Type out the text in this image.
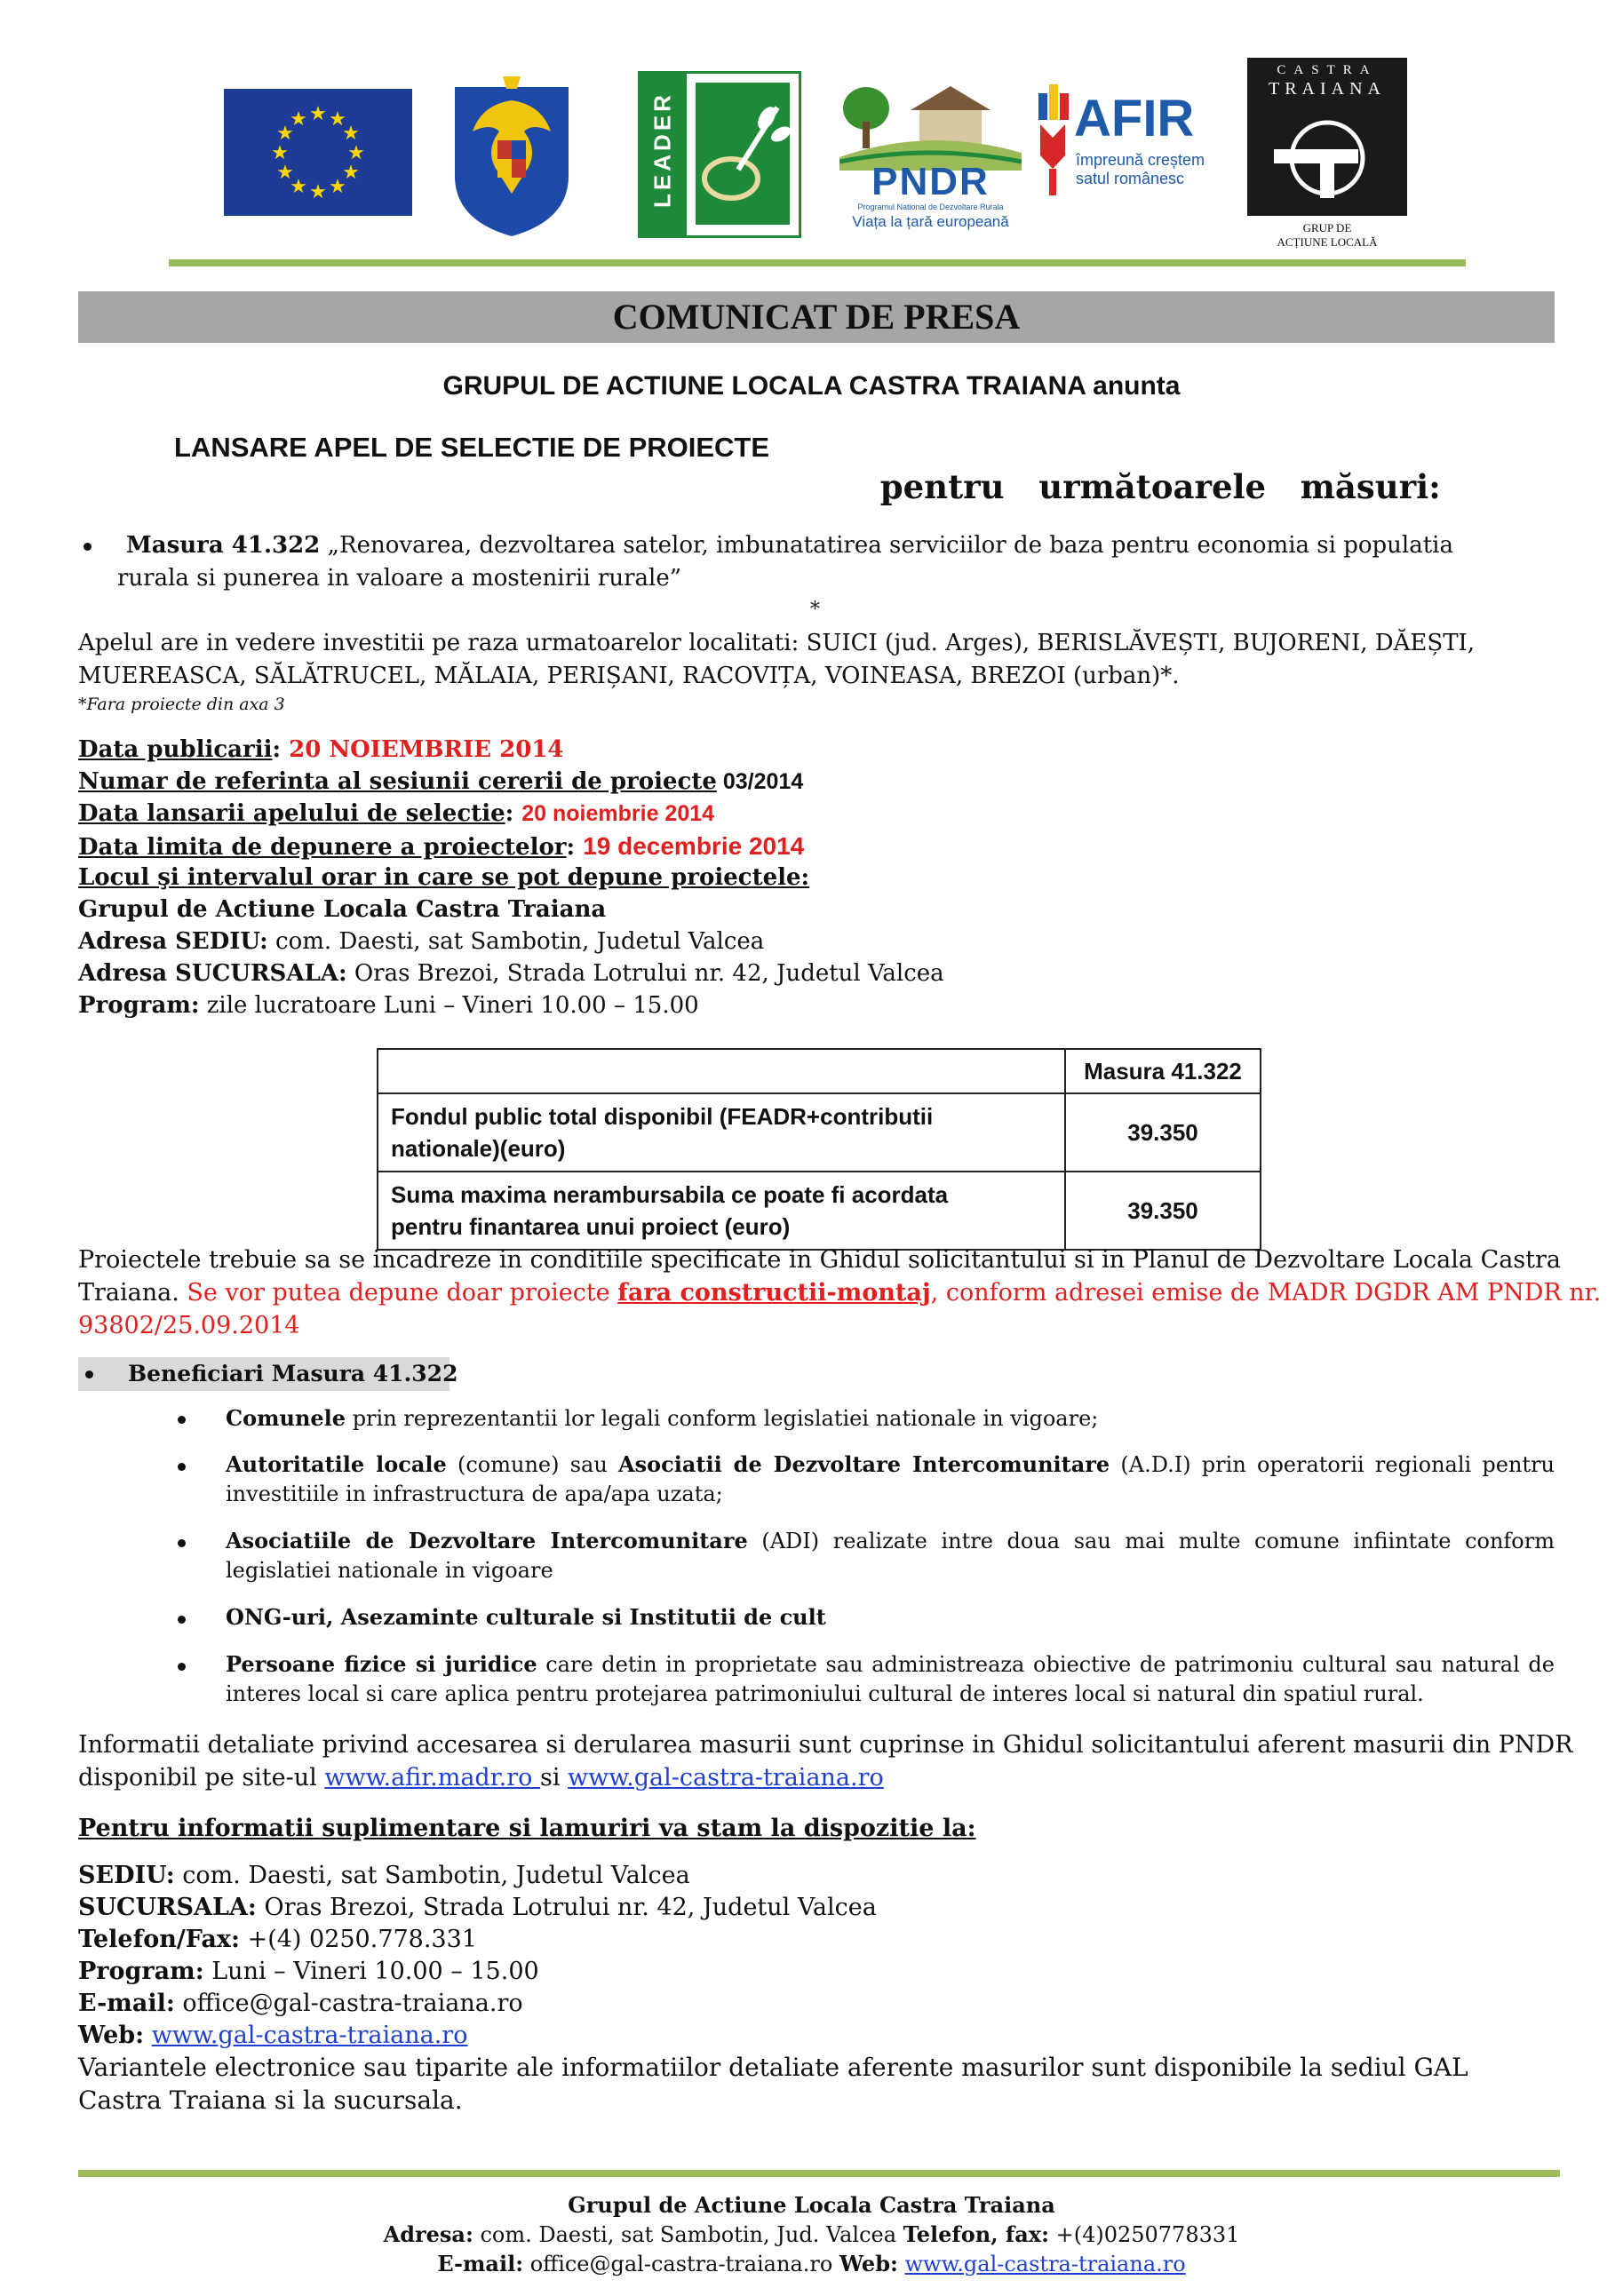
★ ★
★
★
★
★
★
★
★
★
★
★	LEADER	PNDR
Programul National de Dezvoltare Rurala
Viața la țară europeană
AFIR
împreună creștem
satul românesc
CASTRA
TRAIANA
GRUP DE
ACȚIUNE LOCALĂ
COMUNICAT DE PRESA
GRUPUL DE ACTIUNE LOCALA CASTRA TRAIANA anunta
LANSARE APEL DE SELECTIE DE PROIECTE

pentru   următoarele   măsuri:

Masura 41.322 „Renovarea, dezvoltarea satelor, imbunatatirea serviciilor de baza pentru economia si populatia
rurala si punerea in valoare a mostenirii rurale”
*
Apelul are in vedere investitii pe raza urmatoarelor localitati: SUICI (jud. Arges), BERISLĂVEȘTI, BUJORENI, DĂEȘTI,
MUEREASCA, SĂLĂTRUCEL, MĂLAIA, PERIȘANI, RACOVIȚA, VOINEASA, BREZOI (urban)*.
*Fara proiecte din axa 3
Data publicarii: 20 NOIEMBRIE 2014
Numar de referinta al sesiunii cererii de proiecte 03/2014
Data lansarii apelului de selectie: 20 noiembrie 2014
Data limita de depunere a proiectelor: 19 decembrie 2014
Locul şi intervalul orar in care se pot depune proiectele:
Grupul de Actiune Locala Castra Traiana
Adresa SEDIU: com. Daesti, sat Sambotin, Judetul Valcea
Adresa SUCURSALA: Oras Brezoi, Strada Lotrului nr. 42, Judetul Valcea
Program: zile lucratoare Luni – Vineri 10.00 – 15.00
	Masura 41.322

Fondul public total disponibil (FEADR+contributii
nationale)(euro)	39.350

Suma maxima nerambursabila ce poate fi acordata
pentru finantarea unui proiect (euro)	39.350
Proiectele trebuie sa se incadreze in conditiile specificate in Ghidul solicitantului si in Planul de Dezvoltare Locala Castra
Traiana. Se vor putea depune doar proiecte fara constructii-montaj, conform adresei emise de MADR DGDR AM PNDR nr.
93802/25.09.2014
Beneficiari Masura 41.322
Comunele prin reprezentantii lor legali conform legislatiei nationale in vigoare;
Autoritatile locale (comune) sau Asociatii de Dezvoltare Intercomunitare (A.D.I) prin operatorii regionali pentru investitiile in infrastructura de apa/apa uzata;
Asociatiile de Dezvoltare Intercomunitare (ADI) realizate intre doua sau mai multe comune infiintate conform legislatiei nationale in vigoare
ONG-uri, Asezaminte culturale si Institutii de cult
Persoane fizice si juridice care detin in proprietate sau administreaza obiective de patrimoniu cultural sau natural de interes local si care aplica pentru protejarea patrimoniului cultural de interes local si natural din spatiul rural.
Informatii detaliate privind accesarea si derularea masurii sunt cuprinse in Ghidul solicitantului aferent masurii din PNDR
disponibil pe site-ul www.afir.madr.ro si www.gal-castra-traiana.ro
Pentru informatii suplimentare si lamuriri va stam la dispozitie la:
SEDIU: com. Daesti, sat Sambotin, Judetul Valcea
SUCURSALA: Oras Brezoi, Strada Lotrului nr. 42, Judetul Valcea
Telefon/Fax: +(4) 0250.778.331
Program: Luni – Vineri 10.00 – 15.00
E-mail: office@gal-castra-traiana.ro
Web: www.gal-castra-traiana.ro
Variantele electronice sau tiparite ale informatiilor detaliate aferente masurilor sunt disponibile la sediul GAL
Castra Traiana si la sucursala.
Grupul de Actiune Locala Castra Traiana
Adresa: com. Daesti, sat Sambotin, Jud. Valcea Telefon, fax: +(4)0250778331
E-mail: office@gal-castra-traiana.ro Web: www.gal-castra-traiana.ro
